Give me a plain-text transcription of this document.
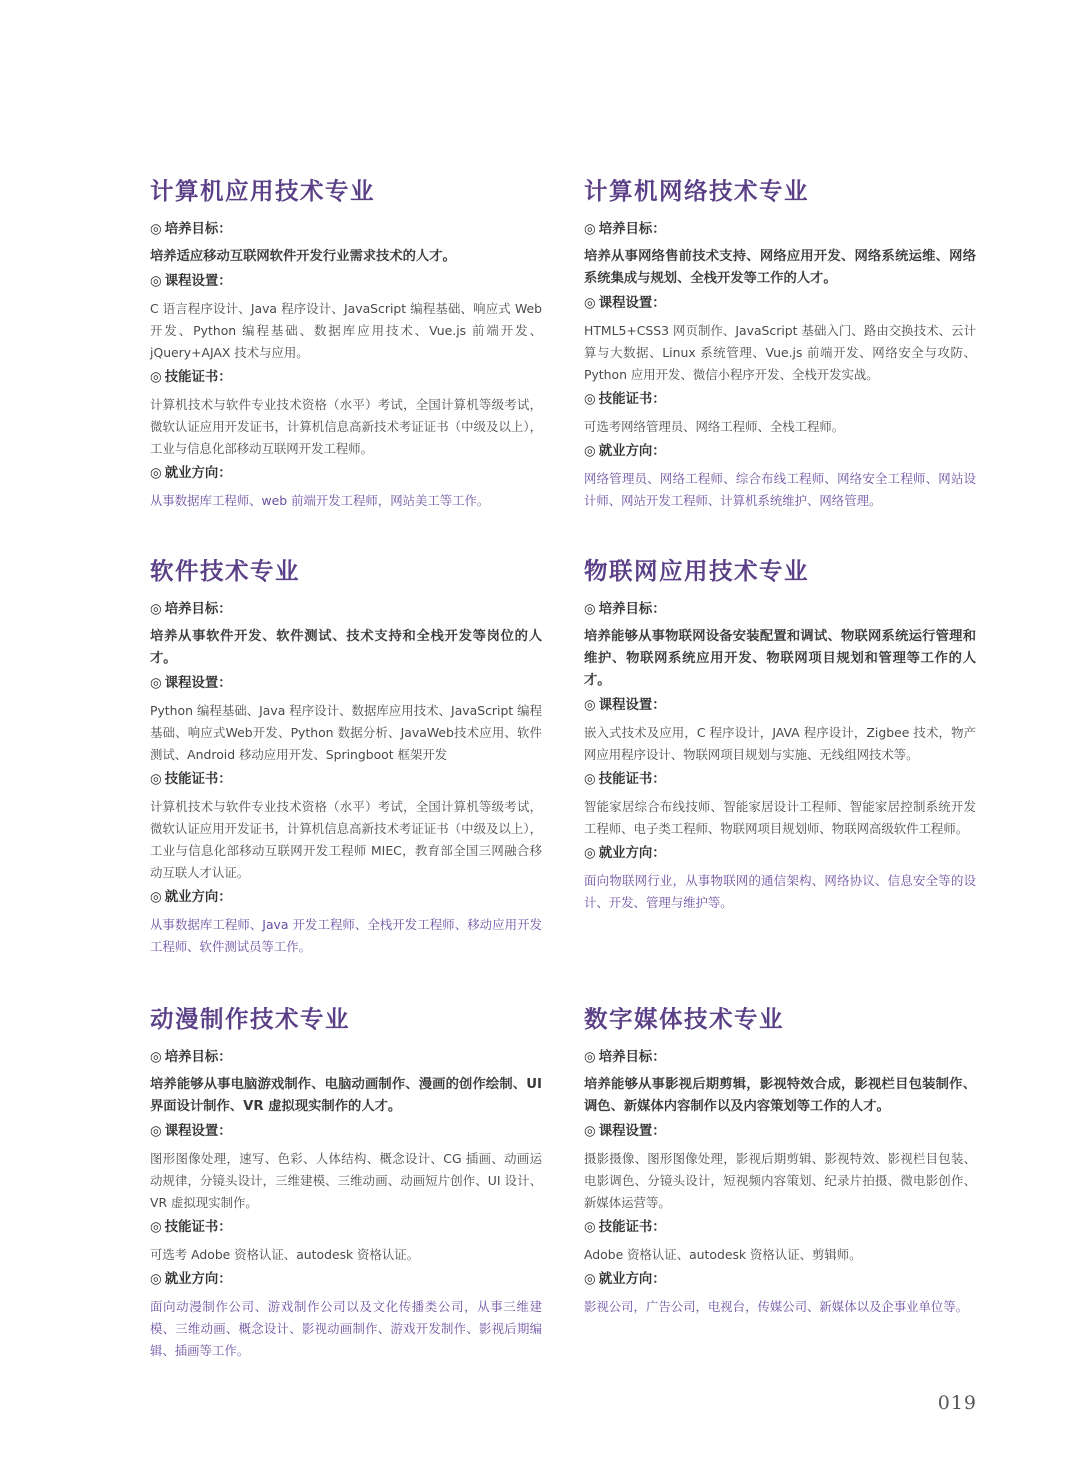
计算机应用技术专业
◎ 培养目标：

培养适应移动互联网软件开发行业需求技术的人才。

◎ 课程设置：

C 语言程序设计、Java 程序设计、JavaScript 编程基础、响应式 Web 开发、Python 编程基础、数据库应用技术、Vue.js 前端开发、jQuery+AJAX 技术与应用。

◎ 技能证书：

计算机技术与软件专业技术资格（水平）考试，全国计算机等级考试，微软认证应用开发证书，计算机信息高新技术考证证书（中级及以上），工业与信息化部移动互联网开发工程师。

◎ 就业方向：

从事数据库工程师、web 前端开发工程师，网站美工等工作。

计算机网络技术专业
◎ 培养目标：

培养从事网络售前技术支持、网络应用开发、网络系统运维、网络系统集成与规划、全栈开发等工作的人才。

◎ 课程设置：

HTML5+CSS3 网页制作、JavaScript 基础入门、路由交换技术、云计算与大数据、Linux 系统管理、Vue.js 前端开发、网络安全与攻防、Python 应用开发、微信小程序开发、全栈开发实战。

◎ 技能证书：

可选考网络管理员、网络工程师、全栈工程师。

◎ 就业方向：

网络管理员、网络工程师、综合布线工程师、网络安全工程师、网站设计师、网站开发工程师、计算机系统维护、网络管理。

软件技术专业
◎ 培养目标：

培养从事软件开发、软件测试、技术支持和全栈开发等岗位的人才。

◎ 课程设置：

Python 编程基础、Java 程序设计、数据库应用技术、JavaScript 编程基础、响应式Web开发、Python 数据分析、JavaWeb技术应用、软件测试、Android 移动应用开发、Springboot 框架开发

◎ 技能证书：

计算机技术与软件专业技术资格（水平）考试，全国计算机等级考试，微软认证应用开发证书，计算机信息高新技术考证证书（中级及以上），工业与信息化部移动互联网开发工程师 MIEC，教育部全国三网融合移动互联人才认证。

◎ 就业方向：

从事数据库工程师、Java 开发工程师、全栈开发工程师、移动应用开发工程师、软件测试员等工作。

物联网应用技术专业
◎ 培养目标：

培养能够从事物联网设备安装配置和调试、物联网系统运行管理和维护、物联网系统应用开发、物联网项目规划和管理等工作的人才。

◎ 课程设置：

嵌入式技术及应用，C 程序设计，JAVA 程序设计，Zigbee 技术，物产网应用程序设计、物联网项目规划与实施、无线组网技术等。

◎ 技能证书：

智能家居综合布线技师、智能家居设计工程师、智能家居控制系统开发工程师、电子类工程师、物联网项目规划师、物联网高级软件工程师。

◎ 就业方向：

面向物联网行业，从事物联网的通信架构、网络协议、信息安全等的设计、开发、管理与维护等。

动漫制作技术专业
◎ 培养目标：

培养能够从事电脑游戏制作、电脑动画制作、漫画的创作绘制、UI 界面设计制作、VR 虚拟现实制作的人才。

◎ 课程设置：

图形图像处理，速写、色彩、人体结构、概念设计、CG 插画、动画运动规律，分镜头设计，三维建模、三维动画、动画短片创作、UI 设计、VR 虚拟现实制作。

◎ 技能证书：

可选考 Adobe 资格认证、autodesk 资格认证。

◎ 就业方向：

面向动漫制作公司、游戏制作公司以及文化传播类公司，从事三维建模、三维动画、概念设计、影视动画制作、游戏开发制作、影视后期编辑、插画等工作。

数字媒体技术专业
◎ 培养目标：

培养能够从事影视后期剪辑，影视特效合成，影视栏目包装制作、调色、新媒体内容制作以及内容策划等工作的人才。

◎ 课程设置：

摄影摄像、图形图像处理，影视后期剪辑、影视特效、影视栏目包装、电影调色、分镜头设计，短视频内容策划、纪录片拍摄、微电影创作、新媒体运营等。

◎ 技能证书：

Adobe 资格认证、autodesk 资格认证、剪辑师。

◎ 就业方向：

影视公司，广告公司，电视台，传媒公司、新媒体以及企事业单位等。

019
